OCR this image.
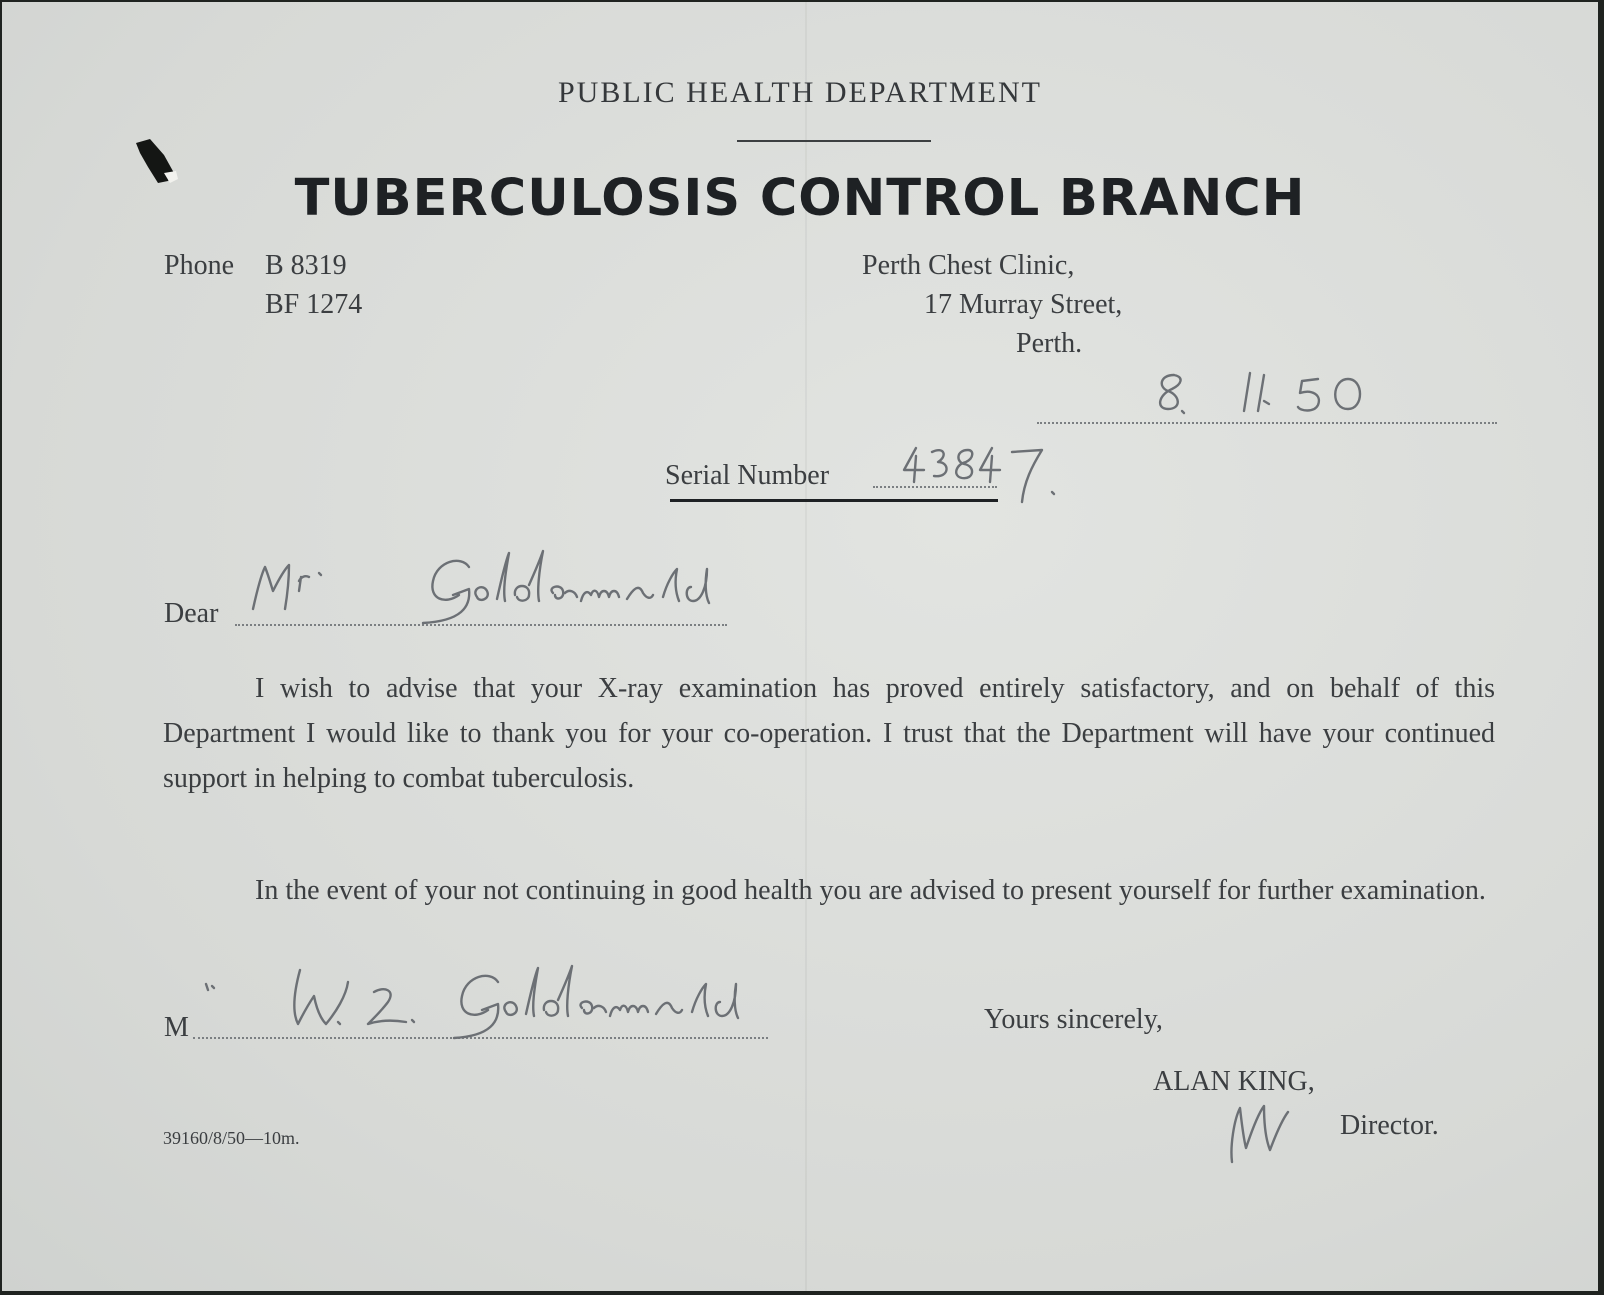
PUBLIC HEALTH DEPARTMENT
TUBERCULOSIS CONTROL BRANCH
Phone B 8319
BF 1274
Perth Chest Clinic,
17 Murray Street,
Perth.
Serial Number
Dear
I wish to advise that your X-ray examination has proved entirely satisfactory, and on behalf of this Department I would like to thank you for your co-operation. I trust that the Department will have your continued support in helping to combat tuberculosis.
In the event of your not continuing in good health you are advised to present yourself for further examination.
M	Yours sincerely,
ALAN KING,
Director.
39160/8/50—10m.
